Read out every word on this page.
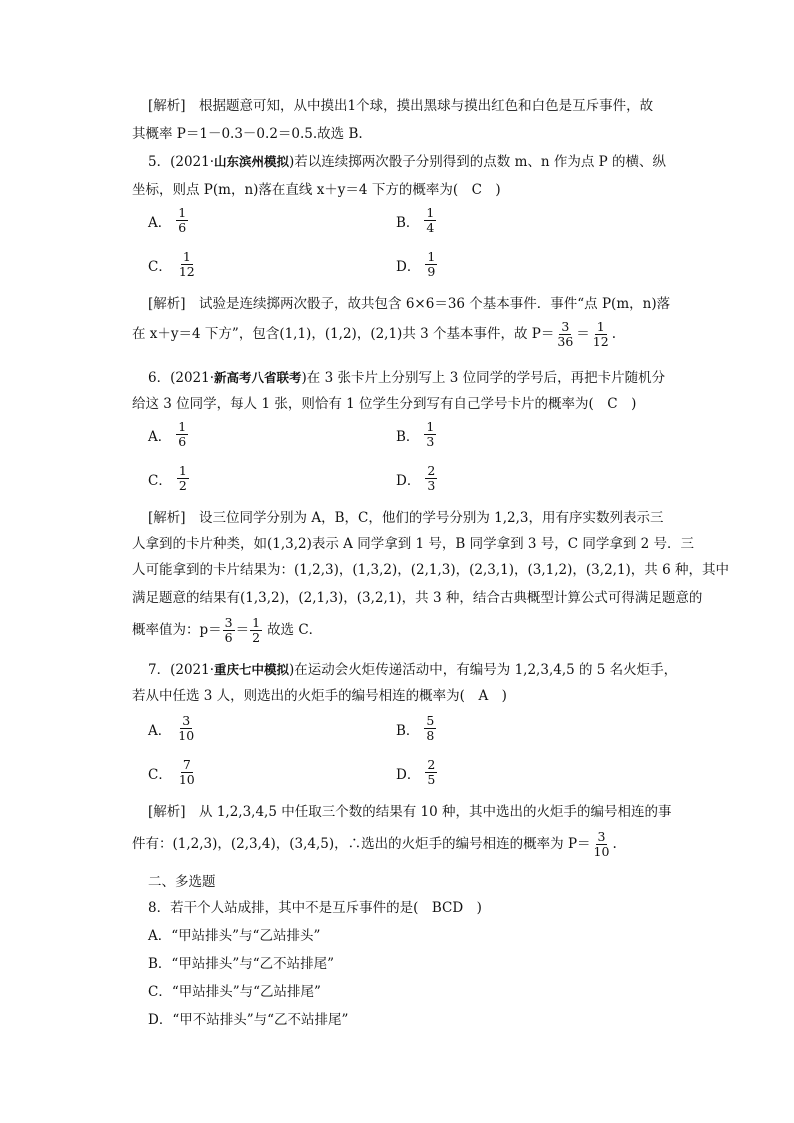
[解析]　根据题意可知，从中摸出1个球，摸出黑球与摸出红色和白色是互斥事件，故
其概率 P＝1－0.3－0.2＝0.5.故选 B.
5．(2021·山东滨州模拟)若以连续掷两次骰子分别得到的点数 m、n 作为点 P 的横、纵
坐标，则点 P(m，n)落在直线 x＋y＝4 下方的概率为(　C　)
A． $\frac{1}{6}$	B． $\frac{1}{4}$
C． $\frac{1}{12}$	D． $\frac{1}{9}$
[解析]　试验是连续掷两次骰子，故共包含 6×6＝36 个基本事件．事件“点 P(m，n)落
在 x＋y＝4 下方”，包含(1,1)，(1,2)，(2,1)共 3 个基本事件，故 $P= \frac{3}{36} = \frac{1}{12}$ .
6．(2021·新高考八省联考)在 3 张卡片上分别写上 3 位同学的学号后，再把卡片随机分
给这 3 位同学，每人 1 张，则恰有 1 位学生分到写有自己学号卡片的概率为(　C　)
A． $\frac{1}{6}$	B． $\frac{1}{3}$
C． $\frac{1}{2}$	D． $\frac{2}{3}$
[解析]　设三位同学分别为 A，B，C，他们的学号分别为 1,2,3，用有序实数列表示三
人拿到的卡片种类，如(1,3,2)表示 A 同学拿到 1 号，B 同学拿到 3 号，C 同学拿到 2 号．三
人可能拿到的卡片结果为：(1,2,3)，(1,3,2)，(2,1,3)，(2,3,1)，(3,1,2)，(3,2,1)，共 6 种，其中
满足题意的结果有(1,3,2)，(2,1,3)，(3,2,1)，共 3 种，结合古典概型计算公式可得满足题意的
概率值为：$p= \frac{3}{6} = \frac{1}{2}$ 故选 C．
7．(2021·重庆七中模拟)在运动会火炬传递活动中，有编号为 1,2,3,4,5 的 5 名火炬手，
若从中任选 3 人，则选出的火炬手的编号相连的概率为(　A　)
A． $\frac{3}{10}$	B． $\frac{5}{8}$
C． $\frac{7}{10}$	D． $\frac{2}{5}$
[解析]　从 1,2,3,4,5 中任取三个数的结果有 10 种，其中选出的火炬手的编号相连的事
件有：(1,2,3)，(2,3,4)，(3,4,5)，∴选出的火炬手的编号相连的概率为 $P= \frac{3}{10}$ .
二、多选题
8．若干个人站成排，其中不是互斥事件的是(　BCD　)
A．“甲站排头”与“乙站排头”
B．“甲站排头”与“乙不站排尾”
C．“甲站排头”与“乙站排尾”
D．“甲不站排头”与“乙不站排尾”
